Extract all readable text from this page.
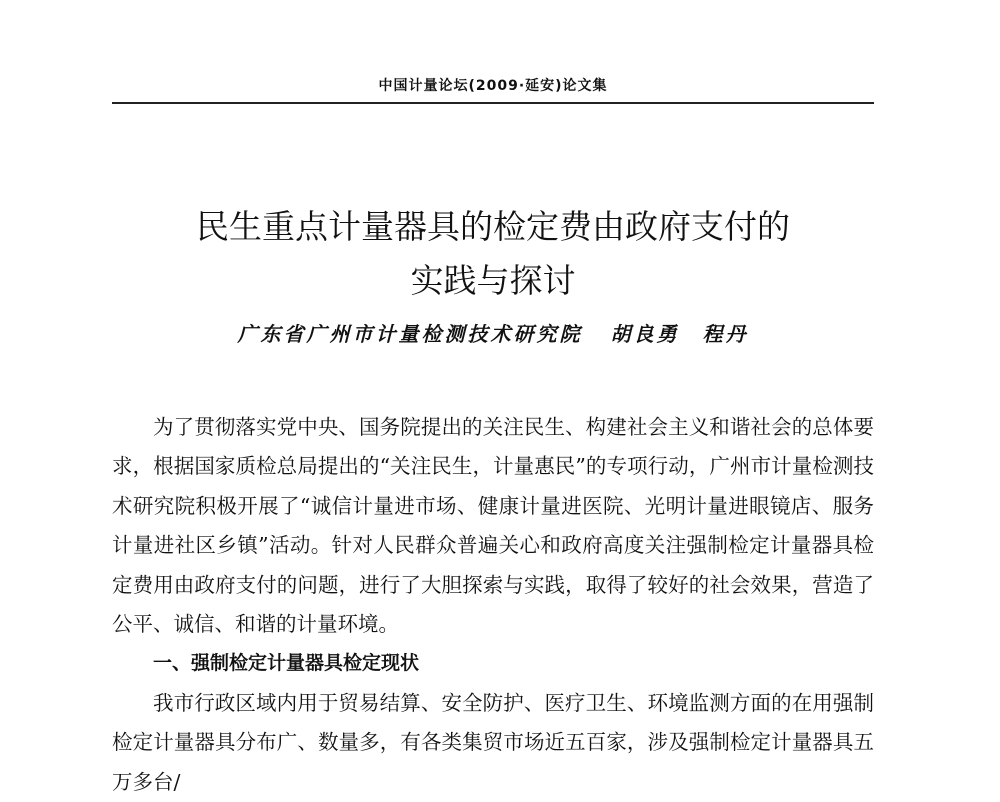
中国计量论坛(2009·延安)论文集
民生重点计量器具的检定费由政府支付的
实践与探讨
广东省广州市计量检测技术研究院 胡良勇　程丹

为了贯彻落实党中央、国务院提出的关注民生、构建社会主义和谐社会的总体要求，根据国家质检总局提出的“关注民生，计量惠民”的专项行动，广州市计量检测技术研究院积极开展了“诚信计量进市场、健康计量进医院、光明计量进眼镜店、服务计量进社区乡镇”活动。针对人民群众普遍关心和政府高度关注强制检定计量器具检定费用由政府支付的问题，进行了大胆探索与实践，取得了较好的社会效果，营造了公平、诚信、和谐的计量环境。

一、强制检定计量器具检定现状

我市行政区域内用于贸易结算、安全防护、医疗卫生、环境监测方面的在用强制检定计量器具分布广、数量多，有各类集贸市场近五百家，涉及强制检定计量器具五万多台/
